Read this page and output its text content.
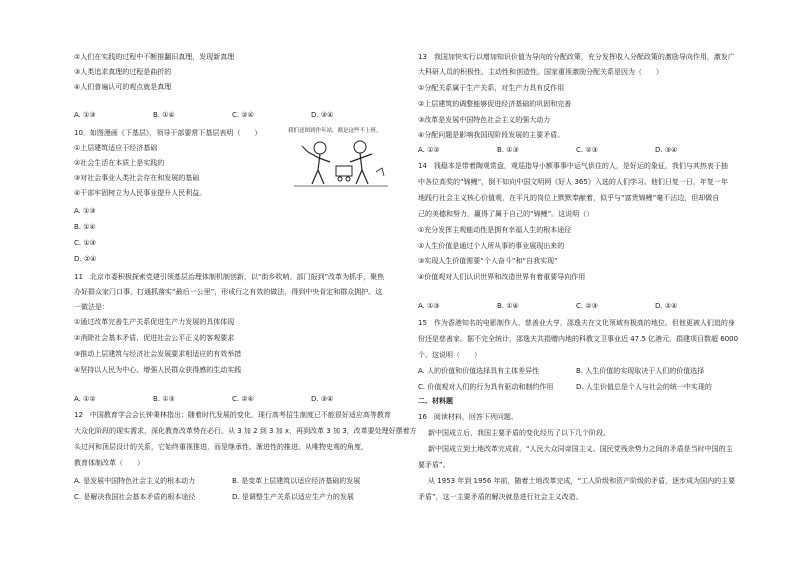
②人们在实践的过程中不断推翻旧真理，发现新真理
③人类追求真理的过程是曲折的
④人们普遍认可的观点就是真理
A. ①③	B. ①④	C. ②④	D. ③④
10．如图漫画《下基层》，领导干部要常下基层表明（　　）
①上层建筑适应于经济基础
②社会生活在本质上是实践的
③对社会事业人类社会存在和发展的基础
④干部牢固树立为人民事业提升人民利益。
A. ①③
B. ①④
C. ①③
D. ②④
我们送图到作年站，都是这些不上班。
11　北京市委积极探索党建引领基层治理体制机制创新，以“街乡吹哨、部门报到”改革为抓手，聚焦
办好群众家门口事，打通抓落实“最后一公里”，形成行之有效的做法，得到中央肯定和群众拥护。这
一做法是：
①通过改革完善生产关系促进生产力发展的具体体现
②消除社会基本矛盾，促进社会公平正义的客观要求
③推动上层建筑与经济社会发展要求相适应的有效举措
④坚持以人民为中心、增强人民群众获得感的生动实践
A. ①②	B. ①③	C. ②④	D. ③④
12　中国教育学会会长钟秉林指出：随着时代发展的变化，现行高考招生制度已不能很好适应高等教育
大众化阶段的现实需求，深化教育改革势在必行。从 3 加 2 到 3 加 x，再到改革 3 加 3，改革要处理好摆着方
头过河和顶层设计的关系，它始终重视推进，而是继承性、渐进性的推进。从唯物史观的角度，
教育体制改革（　　）
A. 是发展中国特色社会主义的根本动力	B. 是变革上层建筑以适应经济基础的发展
C. 是解决我国社会基本矛盾的根本途径	D. 是调整生产关系以适应生产力的发展
13　我国加快实行以增加知识价值为导向的分配政策，充分发挥收入分配政策的激励导向作用，激发广
大科研人员的积极性、主动性和创造性。国家重视激励分配关系是因为（　　）
①分配关系属于生产关系，对生产力具有反作用
②上层建筑的调整能够促进经济基础的巩固和完善
③改革是发展中国特色社会主义的强大动力
④分配问题是影响我国现阶段发展的主要矛盾。
A. ①②	B. ①③	C. ②③	D. ③④
14　钱稳本是带着陶观赏盘，观巡指导小额事事中运气供住的人，是好运的象征，我们与其热衷于抽
中各位高奖的“锦鲤”，倒不如向中国文明网《好人 365》入选的人们学习。他们日复一日，年复一年
地践行社会主义核心价值观，在平凡的岗位上默默奉献着，似乎与“富贵锦鲤”毫不沾边，但却做自
己的美德和努力，赢得了属于自己的“锦鲤”。这说明（）
①充分发挥主观能动性是拥有幸福人生的根本途径
②人生价值是通过个人所从事的事业展现出来的
③实现人生价值需要“个人奋斗”和“自我实现”
④价值观对人们认识世界和改造世界有着重要导向作用
A. ①③	B. ①④	C. ②③	D. ②④
15　作为香港知名的电影制作人、慈善业大亨，邵逸夫在文化领域有极高的地位。但他更被人们追的身
份还是慈善家。据不完全统计，邵逸夫共捐赠内地的科教文卫事业近 47.5 亿港元，捐建项目数超 6000
个。这说明（　　）
A. 人的价值和价值选择具有主体差异性	B. 人生价值的实现取决于人们的价值选择
C. 价值观对人们的行为具有驱动和制约作用	D. 人生价值总是个人与社会的统一中实现的
二、材料题
16　阅读材料，回答下列问题。
新中国成立后，我国主要矛盾的变化经历了以下几个阶段。
新中国成立到土地改革完成前，“人民大众同帝国主义、国民党残余势力之间的矛盾是当时中国的主
要矛盾”。
从 1953 年到 1956 年前，随着土地改革完成，“工人阶级和资产阶级的矛盾，逐步成为国内的主要
矛盾”，这一主要矛盾的解决就是进行社会主义改造。
